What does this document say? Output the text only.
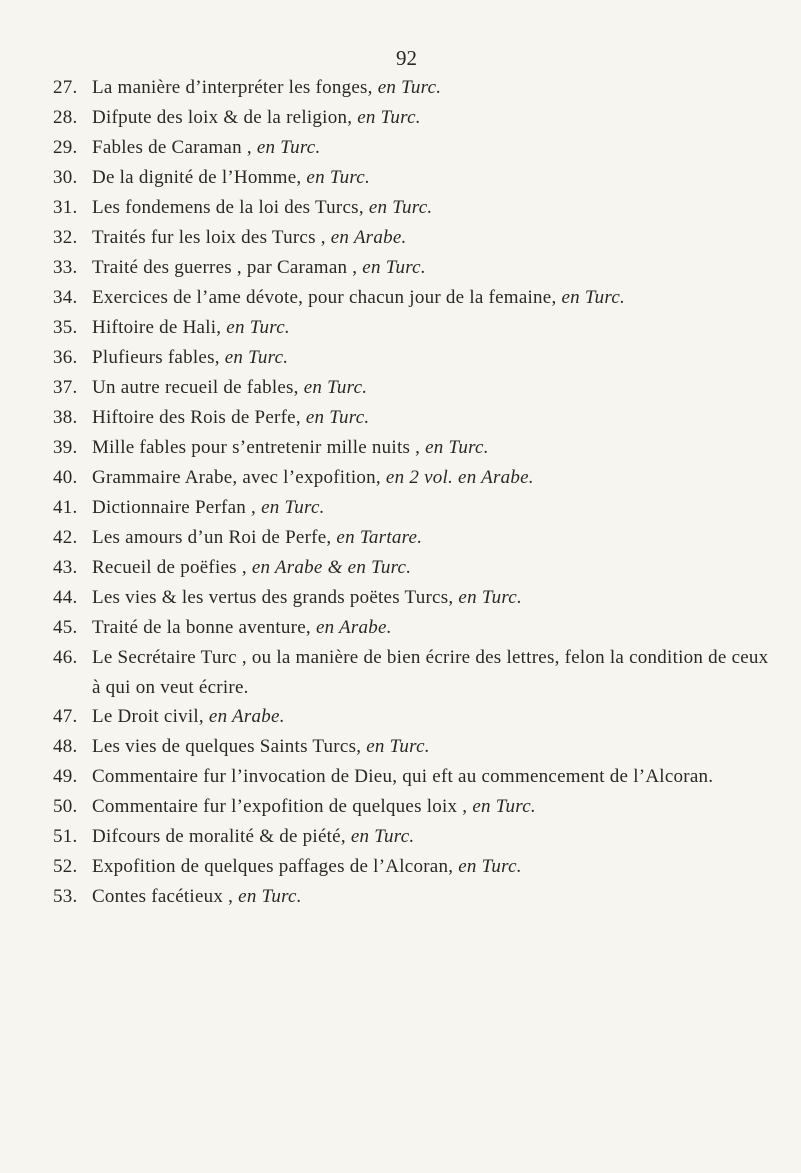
92
27. La manière d’interpréter les fonges, en Turc.
28. Difpute des loix & de la religion, en Turc.
29. Fables de Caraman , en Turc.
30. De la dignité de l’Homme, en Turc.
31. Les fondemens de la loi des Turcs, en Turc.
32. Traités fur les loix des Turcs , en Arabe.
33. Traité des guerres , par Caraman , en Turc.
34. Exercices de l’ame dévote, pour chacun jour de la femaine, en Turc.
35. Hiftoire de Hali, en Turc.
36. Plufieurs fables, en Turc.
37. Un autre recueil de fables, en Turc.
38. Hiftoire des Rois de Perfe, en Turc.
39. Mille fables pour s’entretenir mille nuits , en Turc.
40. Grammaire Arabe, avec l’expofition, en 2 vol. en Arabe.
41. Dictionnaire Perfan , en Turc.
42. Les amours d’un Roi de Perfe, en Tartare.
43. Recueil de poëfies , en Arabe & en Turc.
44. Les vies & les vertus des grands poëtes Turcs, en Turc.
45. Traité de la bonne aventure, en Arabe.
46. Le Secrétaire Turc , ou la manière de bien écrire des lettres, felon la condition de ceux à qui on veut écrire.
47. Le Droit civil, en Arabe.
48. Les vies de quelques Saints Turcs, en Turc.
49. Commentaire fur l’invocation de Dieu, qui eft au commencement de l’Alcoran.
50. Commentaire fur l’expofition de quelques loix , en Turc.
51. Difcours de moralité & de piété, en Turc.
52. Expofition de quelques paffages de l’Alcoran, en Turc.
53. Contes facétieux , en Turc.
